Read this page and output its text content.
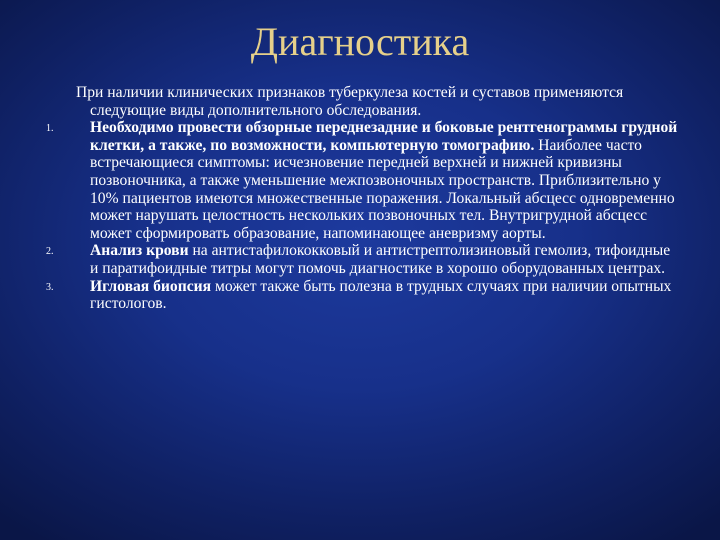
Диагностика

При наличии клинических признаков туберкулеза костей и суставов применяются следующие виды дополнительного обследования.

1. Необходимо провести обзорные переднезадние и боковые рентгенограммы грудной клетки, а также, по возможности, компьютерную томографию. Наиболее часто встречающиеся симптомы: исчезновение передней верхней и нижней кривизны позвоночника, а также уменьшение межпозвоночных пространств. Приблизительно у 10% пациентов имеются множественные поражения. Локальный абсцесс одновременно может нарушать целостность нескольких позвоночных тел. Внутригрудной абсцесс может сформировать образование, напоминающее аневризму аорты.

2. Анализ крови на антистафилококковый и антистрептолизиновый гемолиз, тифоидные и паратифоидные титры могут помочь диагностике в хорошо оборудованных центрах.

3. Игловая биопсия может также быть полезна в трудных случаях при наличии опытных гистологов.
